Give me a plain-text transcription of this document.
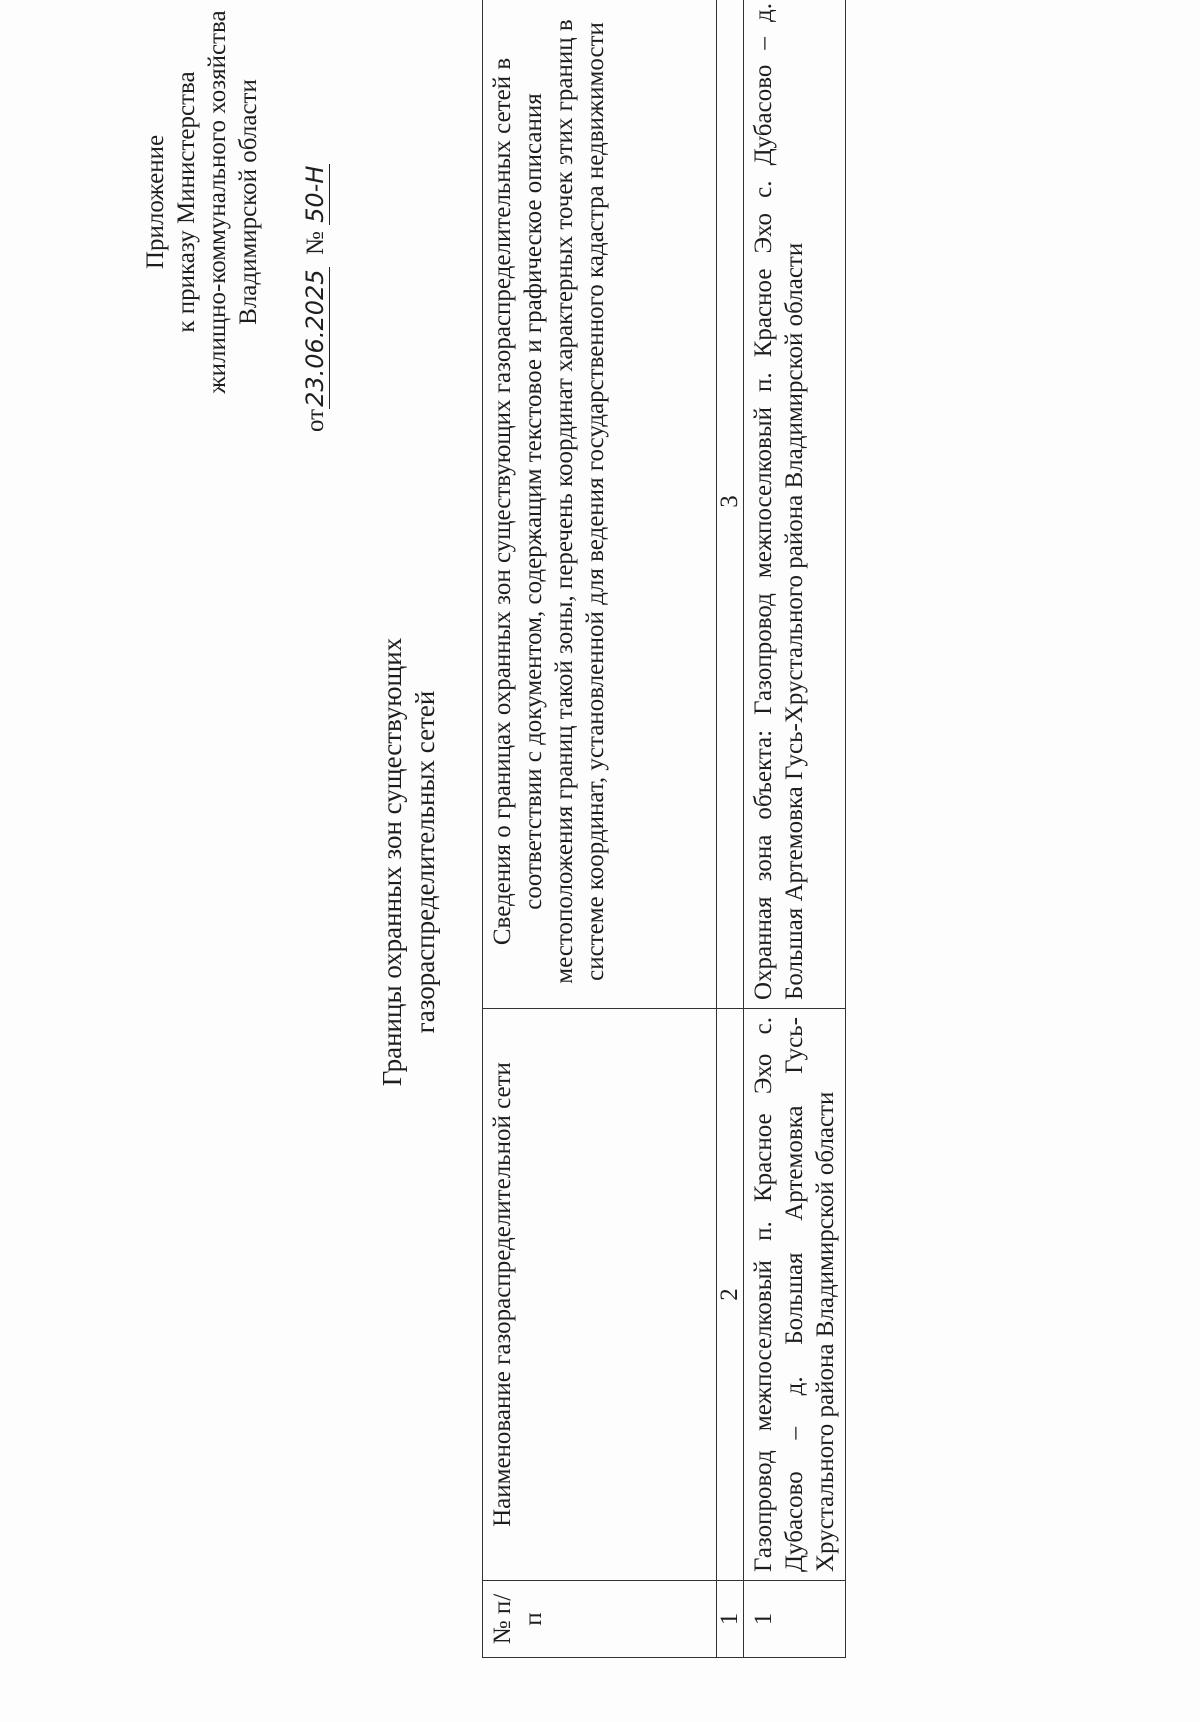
Приложение к приказу Министерства жилищно-коммунального хозяйства Владимирской области
от23.06.2025  № 50-Н
Границы охранных зон существующих газораспределительных сетей
№ п/п	Наименование газораспределительной сети	Сведения о границах охранных зон существующих газораспределительных сетей в соответствии с документом, содержащим текстовое и графическое описания местоположения границ такой зоны, перечень координат характерных точек этих границ в системе координат, установленной для ведения государственного кадастра недвижимости
1	2	3
1	Газопровод межпоселковый п. Красное Эхо с. Дубасово – д. Большая Артемовка Гусь-Хрустального района Владимирской области	Охранная зона объекта: Газопровод межпоселковый п. Красное Эхо с. Дубасово – д. Большая Артемовка Гусь-Хрустального района Владимирской области
